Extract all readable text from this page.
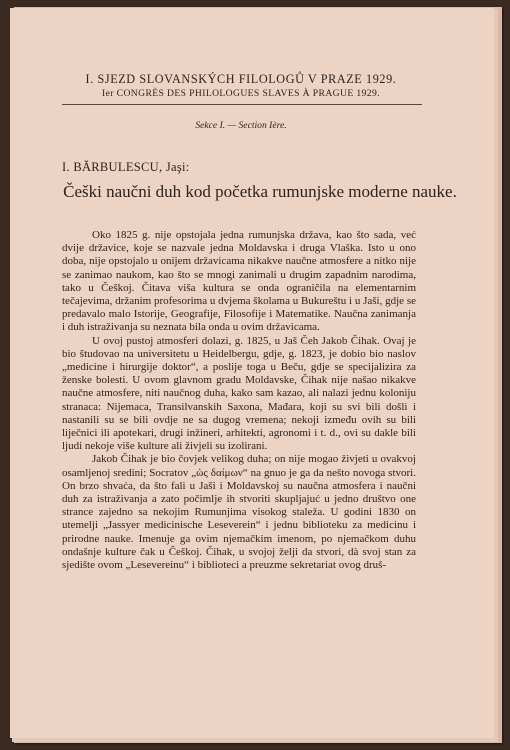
I. SJEZD SLOVANSKÝCH FILOLOGŮ V PRAZE 1929.
Ier CONGRÈS DES PHILOLOGUES SLAVES À PRAGUE 1929.
Sekce I. — Section Ière.
I. BĂRBULESCU, Jaşi:
Češki naučni duh kod početka rumunjske moderne nauke.

Oko 1825 g. nije opstojala jedna rumunjska država, kao što sada, već dvije državice, koje se nazvale jedna Moldavska i druga Vlaška. Isto u ono doba, nije opstojalo u onijem državicama nikakve naučne atmosfere a nitko nije se zanimao naukom, kao što se mnogi zanimali u drugim zapadnim narodima, tako u Češkoj. Čitava viša kultura se onda ograničila na elementarnim tečajevima, držanim profesorima u dvjema školama u Bukureštu i u Jaši, gdje se predavalo malo Istorije, Geografije, Filosofije i Matematike. Naučna zanimanja i duh istraživanja su neznata bila onda u ovim državicama.

U ovoj pustoj atmosferi dolazi, g. 1825, u Jaš Čeh Jakob Čihak. Ovaj je bio študovao na universitetu u Heidelbergu, gdje, g. 1823, je dobio bio naslov „medicine i hirurgije doktor“, a poslije toga u Beču, gdje se specijalizira za ženske bolesti. U ovom glavnom gradu Moldavske, Čihak nije našao nikakve naučne atmosfere, niti naučnog duha, kako sam kazao, ali nalazi jednu koloniju stranaca: Nijemaca, Transilvanskih Saxona, Mađara, koji su svi bili došli i nastanili su se bili ovdje ne sa dugog vremena; nekoji između ovih su bili liječnici ili apotekari, drugi inžineri, arhitekti, agronomi i t. d., ovi su dakle bili ljudi nekoje više kulture ali živjeli su izolirani.

Jakob Čihak je bio čovjek velikog duha; on nije mogao živjeti u ovakvoj osamljenoj sredini; Socratov „ὡς δαίμων“ na gnuo je ga da nešto novoga stvori. On brzo shvaća, da što fali u Jaši i Moldavskoj su naučna atmosfera i naučni duh za istraživanja a zato počimlje ih stvoriti skupljajuć u jedno društvo one strance zajedno sa nekojim Rumunjima visokog staleža. U godini 1830 on utemelji „Jassyer medicinische Leseverein“ i jednu biblioteku za medicinu i prirodne nauke. Imenuje ga ovim njemačkim imenom, po njemačkom duhu ondašnje kulture čak u Češkoj. Čihak, u svojoj želji da stvori, dà svoj stan za sjedište ovom „Lesevereinu“ i biblioteci a preuzme sekretariat ovog druš-
